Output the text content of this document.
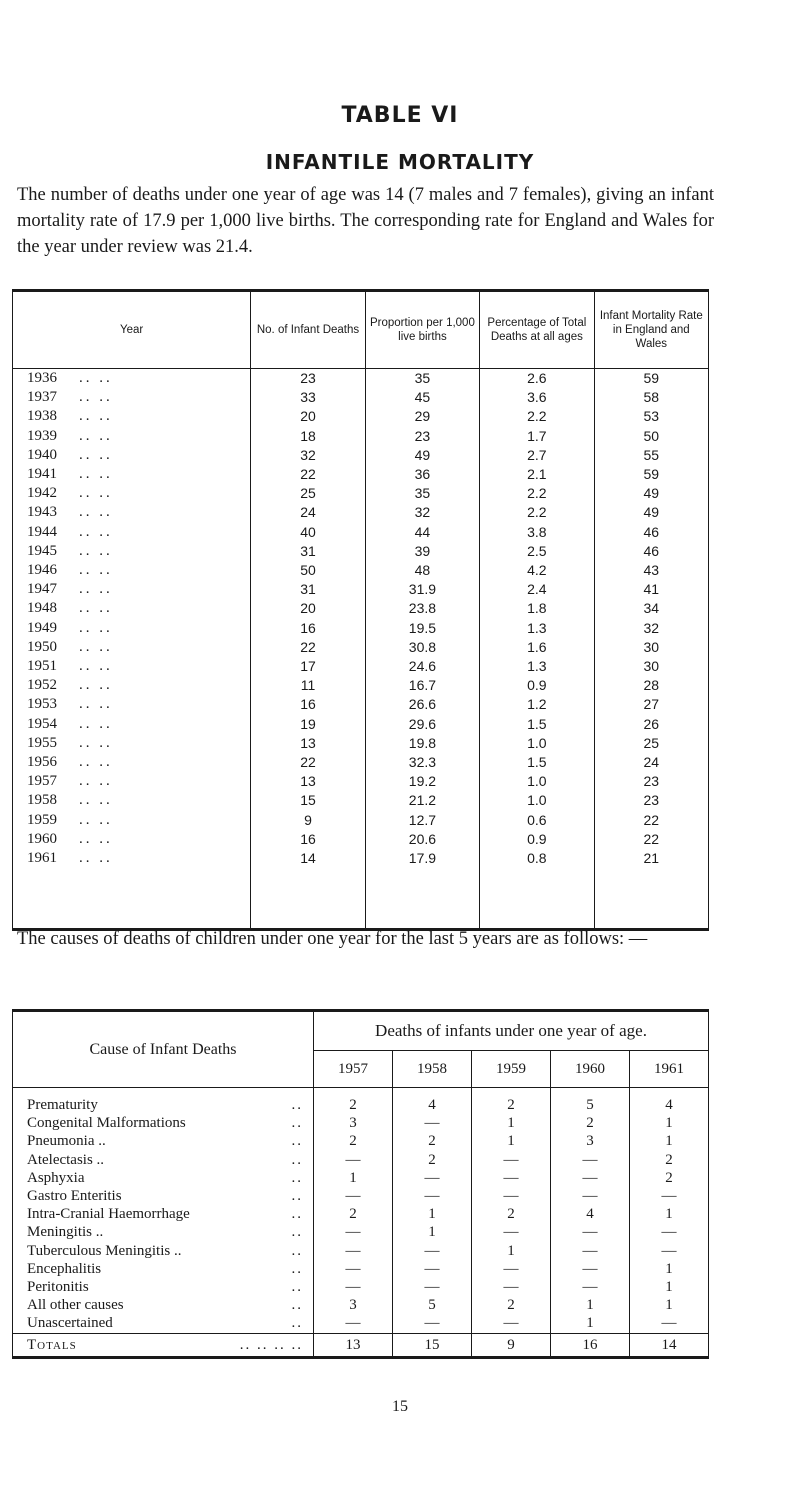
TABLE VI
INFANTILE MORTALITY
The number of deaths under one year of age was 14 (7 males and 7 females), giving an infant mortality rate of 17.9 per 1,000 live births. The corresponding rate for England and Wales for the year under review was 21.4.
Year	No. of Infant Deaths	Proportion per 1,000 live births	Percentage of Total Deaths at all ages	Infant Mortality Rate in England and Wales
1936 .. ..	23	35	2.6	59
1937 .. ..	33	45	3.6	58
1938 .. ..	20	29	2.2	53
1939 .. ..	18	23	1.7	50
1940 .. ..	32	49	2.7	55
1941 .. ..	22	36	2.1	59
1942 .. ..	25	35	2.2	49
1943 .. ..	24	32	2.2	49
1944 .. ..	40	44	3.8	46
1945 .. ..	31	39	2.5	46
1946 .. ..	50	48	4.2	43
1947 .. ..	31	31.9	2.4	41
1948 .. ..	20	23.8	1.8	34
1949 .. ..	16	19.5	1.3	32
1950 .. ..	22	30.8	1.6	30
1951 .. ..	17	24.6	1.3	30
1952 .. ..	11	16.7	0.9	28
1953 .. ..	16	26.6	1.2	27
1954 .. ..	19	29.6	1.5	26
1955 .. ..	13	19.8	1.0	25
1956 .. ..	22	32.3	1.5	24
1957 .. ..	13	19.2	1.0	23
1958 .. ..	15	21.2	1.0	23
1959 .. ..	9	12.7	0.6	22
1960 .. ..	16	20.6	0.9	22
1961 .. ..	14	17.9	0.8	21

The causes of deaths of children under one year for the last 5 years are as follows: —
Cause of Infant Deaths	Deaths of infants under one year of age.				
	1957	1958	1959	1960	1961
Prematurity ..	2	4	2	5	4
Congenital Malformations ..	3	—	1	2	1
Pneumonia .. ..	2	2	1	3	1
Atelectasis .. ..	—	2	—	—	2
Asphyxia ..	1	—	—	—	2
Gastro Enteritis ..	—	—	—	—	—
Intra-Cranial Haemorrhage ..	2	1	2	4	1
Meningitis .. ..	—	1	—	—	—
Tuberculous Meningitis .. ..	—	—	1	—	—
Encephalitis ..	—	—	—	—	1
Peritonitis ..	—	—	—	—	1
All other causes ..	3	5	2	1	1
Unascertained ..	—	—	—	1	—
Totals .. .. .. ..	13	15	9	16	14
15
